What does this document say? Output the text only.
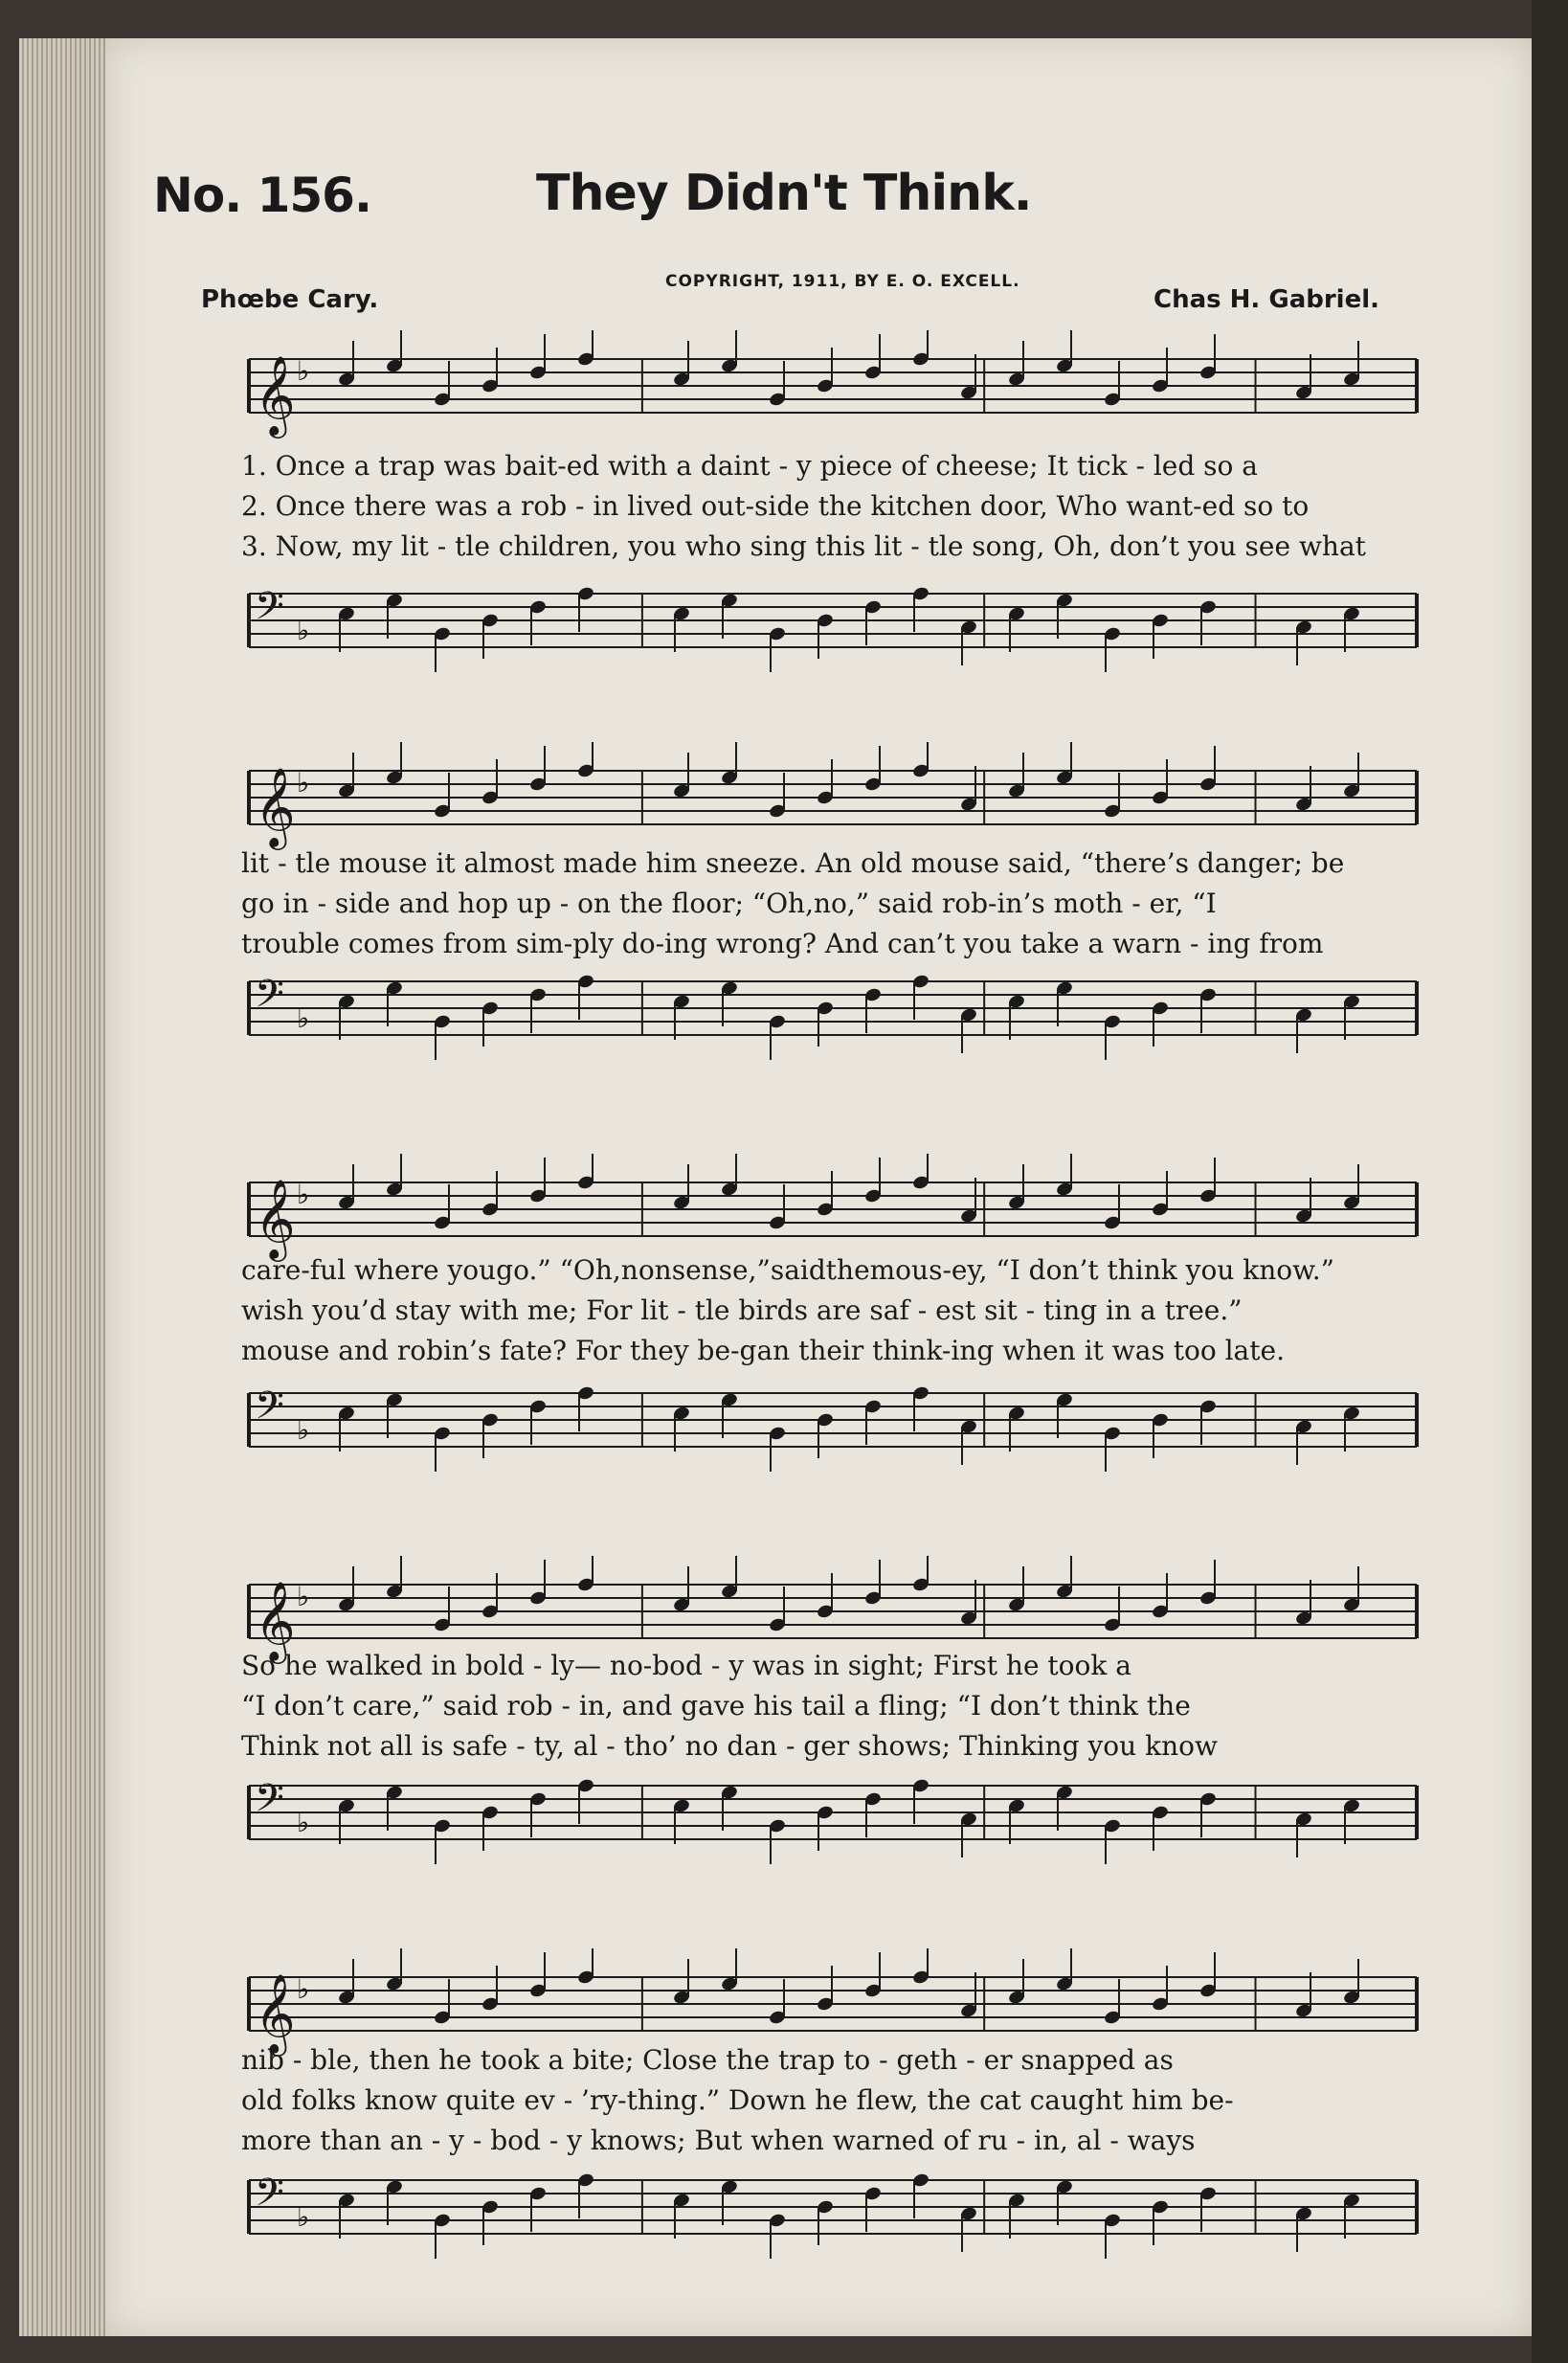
No. 156.	They Didn't Think.
COPYRIGHT, 1911, BY E. O. EXCELL.
Phœbe Cary.	Chas H. Gabriel.
𝄞 ♭
1. Once a trap was bait-ed with a daint - y piece of cheese; It tick - led so a
2. Once there was a rob - in lived out-side the kitchen door, Who want-ed so to
3. Now, my lit - tle children, you who sing this lit - tle song, Oh, don’t you see what
𝄢 ♭
𝄞 ♭
lit - tle mouse it almost made him sneeze. An old mouse said, “there’s danger; be
go in - side and hop up - on the floor; “Oh,no,” said rob-in’s moth - er, “I
trouble comes from sim-ply do-ing wrong? And can’t you take a warn - ing from
𝄢 ♭
𝄞 ♭
care-ful where yougo.” “Oh,nonsense,”saidthemous-ey, “I don’t think you know.”
wish you’d stay with me; For lit - tle birds are saf - est sit - ting in a tree.”
mouse and robin’s fate? For they be-gan their think-ing when it was too late.
𝄢 ♭
𝄞 ♭
So he walked in bold - ly— no-bod - y was in sight; First he took a
“I don’t care,” said rob - in, and gave his tail a fling; “I don’t think the
Think not all is safe - ty, al - tho’ no dan - ger shows; Thinking you know
𝄢 ♭
𝄞 ♭
nib - ble, then he took a bite; Close the trap to - geth - er snapped as
old folks know quite ev - ’ry-thing.” Down he flew, the cat caught him be-
more than an - y - bod - y knows; But when warned of ru - in, al - ways
𝄢 ♭
